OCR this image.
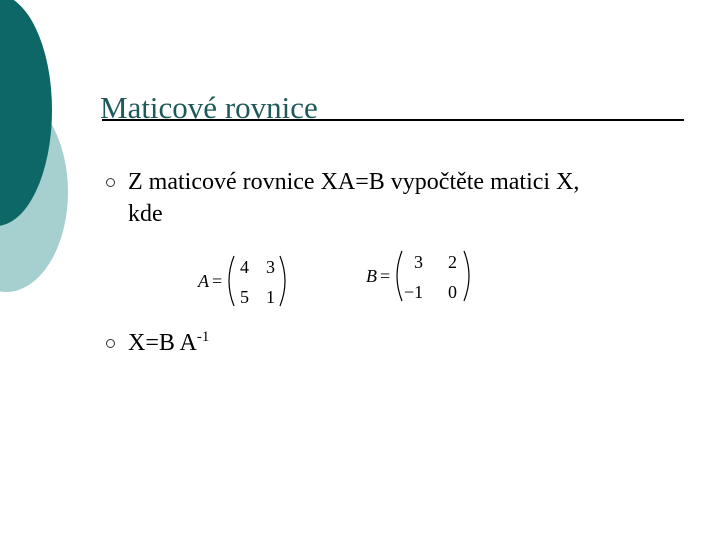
Maticové rovnice
Z maticové rovnice XA=B vypočtěte matici X,
kde
A =
4 3
5 1
B =
3 2
−1 0
X=B $A^{-1}$
